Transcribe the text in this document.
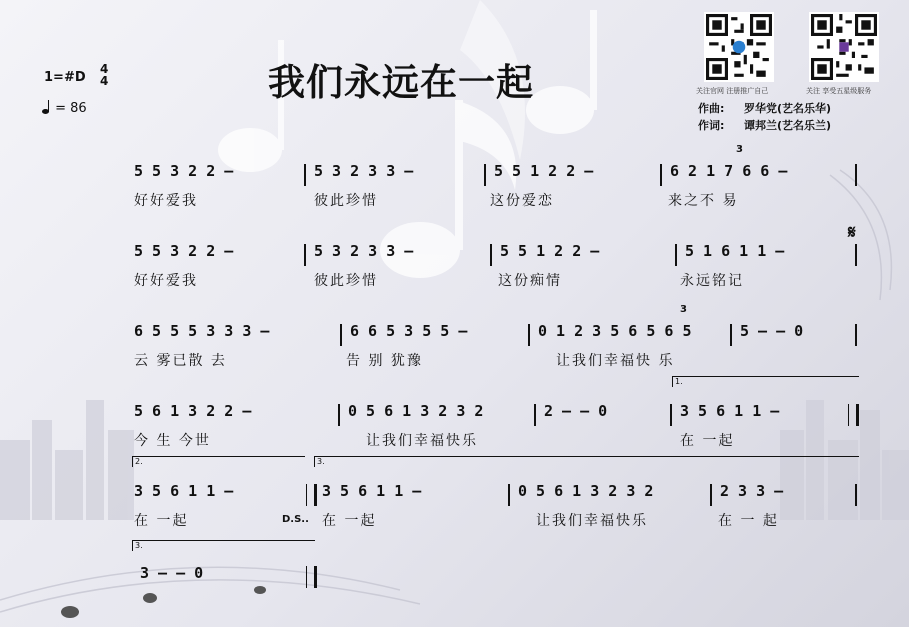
我们永远在一起
1=#D
4
4
= 86
关注官网 注册推广自己	关注 享受五星级服务
作曲: 罗华党(艺名乐华)
作词: 谭邦兰(艺名乐兰)
5 5 3 2 2 –	5 3 2 3 3 –	5 5 1 2 2 –	6 2 1 7 6 6 –
3
好好爱我	彼此珍惜	这份爱恋	来之不 易
5 5 3 2 2 –	5 3 2 3 3 –	5 5 1 2 2 –	5 1 6 1 1 –
𝄋
好好爱我	彼此珍惜	这份痴情	永远铭记
6 5 5 5 3 3 3 –	6 6 5 3 5 5 –	0 1 2 3 5 6 5 6 5
3
5 – – 0
云 雾已散 去	告 别 犹豫	让我们幸福快 乐
1.
5 6 1 3 2 2 –	0 5 6 1 3 2 3 2	2 – – 0	3 5 6 1 1 –
今 生 今世	让我们幸福快乐	在 一起
2.	3.
3 5 6 1 1 –	3 5 6 1 1 –	0 5 6 1 3 2 3 2	2 3 3 –
在 一起	D.S.. 在 一起	让我们幸福快乐	在 一 起
3.
3 – – 0
